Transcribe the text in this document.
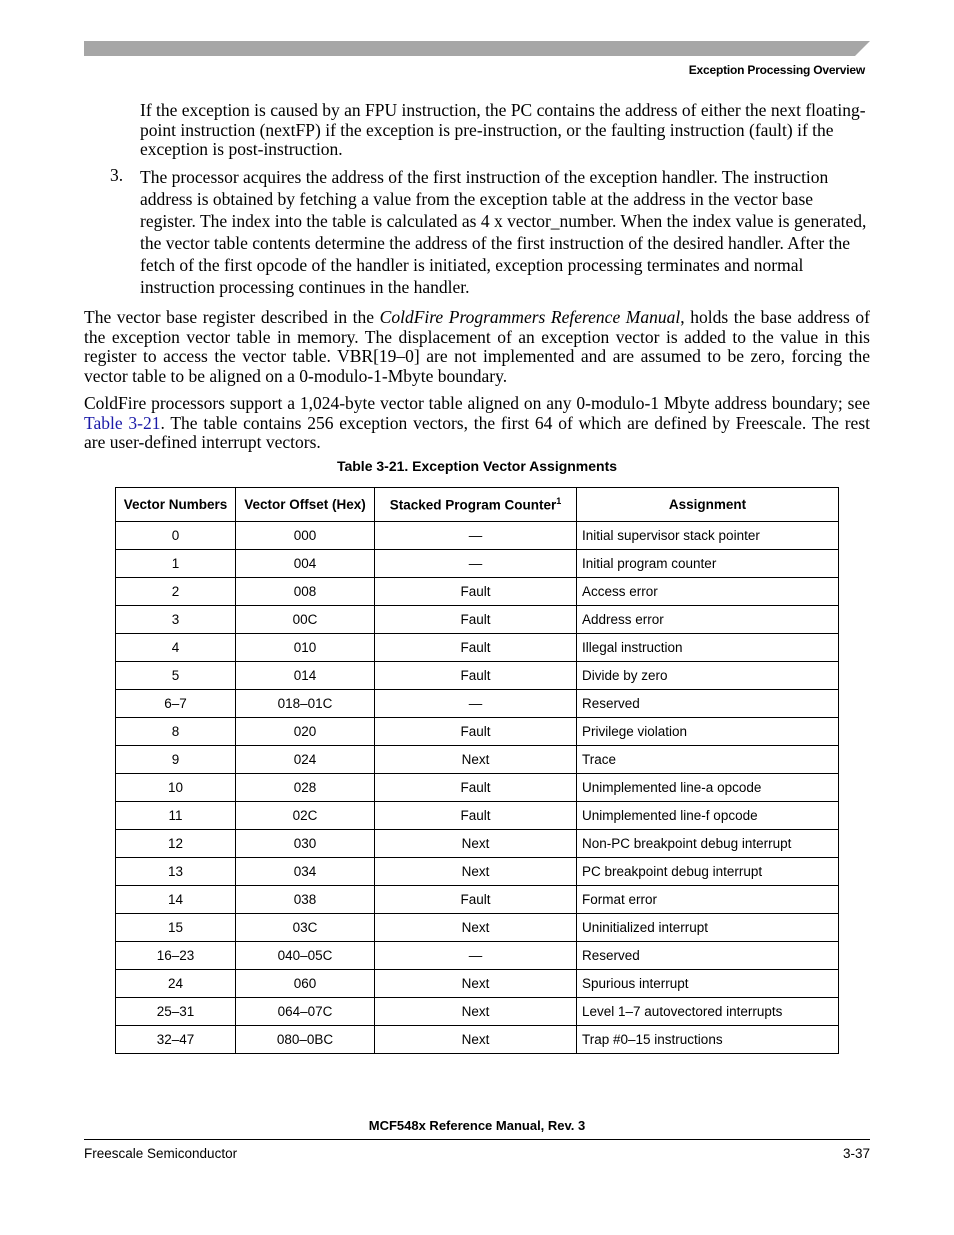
Exception Processing Overview
If the exception is caused by an FPU instruction, the PC contains the address of either the next floating-point instruction (nextFP) if the exception is pre-instruction, or the faulting instruction (fault) if the exception is post-instruction.
3. The processor acquires the address of the first instruction of the exception handler. The instruction address is obtained by fetching a value from the exception table at the address in the vector base register. The index into the table is calculated as 4 x vector_number. When the index value is generated, the vector table contents determine the address of the first instruction of the desired handler. After the fetch of the first opcode of the handler is initiated, exception processing terminates and normal instruction processing continues in the handler.
The vector base register described in the ColdFire Programmers Reference Manual, holds the base address of the exception vector table in memory. The displacement of an exception vector is added to the value in this register to access the vector table. VBR[19–0] are not implemented and are assumed to be zero, forcing the vector table to be aligned on a 0-modulo-1-Mbyte boundary.
ColdFire processors support a 1,024-byte vector table aligned on any 0-modulo-1 Mbyte address boundary; see Table 3-21. The table contains 256 exception vectors, the first 64 of which are defined by Freescale. The rest are user-defined interrupt vectors.
Table 3-21. Exception Vector Assignments
Vector Numbers	Vector Offset (Hex)	Stacked Program Counter$^1$	Assignment
0	000	—	Initial supervisor stack pointer
1	004	—	Initial program counter
2	008	Fault	Access error
3	00C	Fault	Address error
4	010	Fault	Illegal instruction
5	014	Fault	Divide by zero
6–7	018–01C	—	Reserved
8	020	Fault	Privilege violation
9	024	Next	Trace
10	028	Fault	Unimplemented line-a opcode
11	02C	Fault	Unimplemented line-f opcode
12	030	Next	Non-PC breakpoint debug interrupt
13	034	Next	PC breakpoint debug interrupt
14	038	Fault	Format error
15	03C	Next	Uninitialized interrupt
16–23	040–05C	—	Reserved
24	060	Next	Spurious interrupt
25–31	064–07C	Next	Level 1–7 autovectored interrupts
32–47	080–0BC	Next	Trap #0–15 instructions
MCF548x Reference Manual, Rev. 3
Freescale Semiconductor	3-37
